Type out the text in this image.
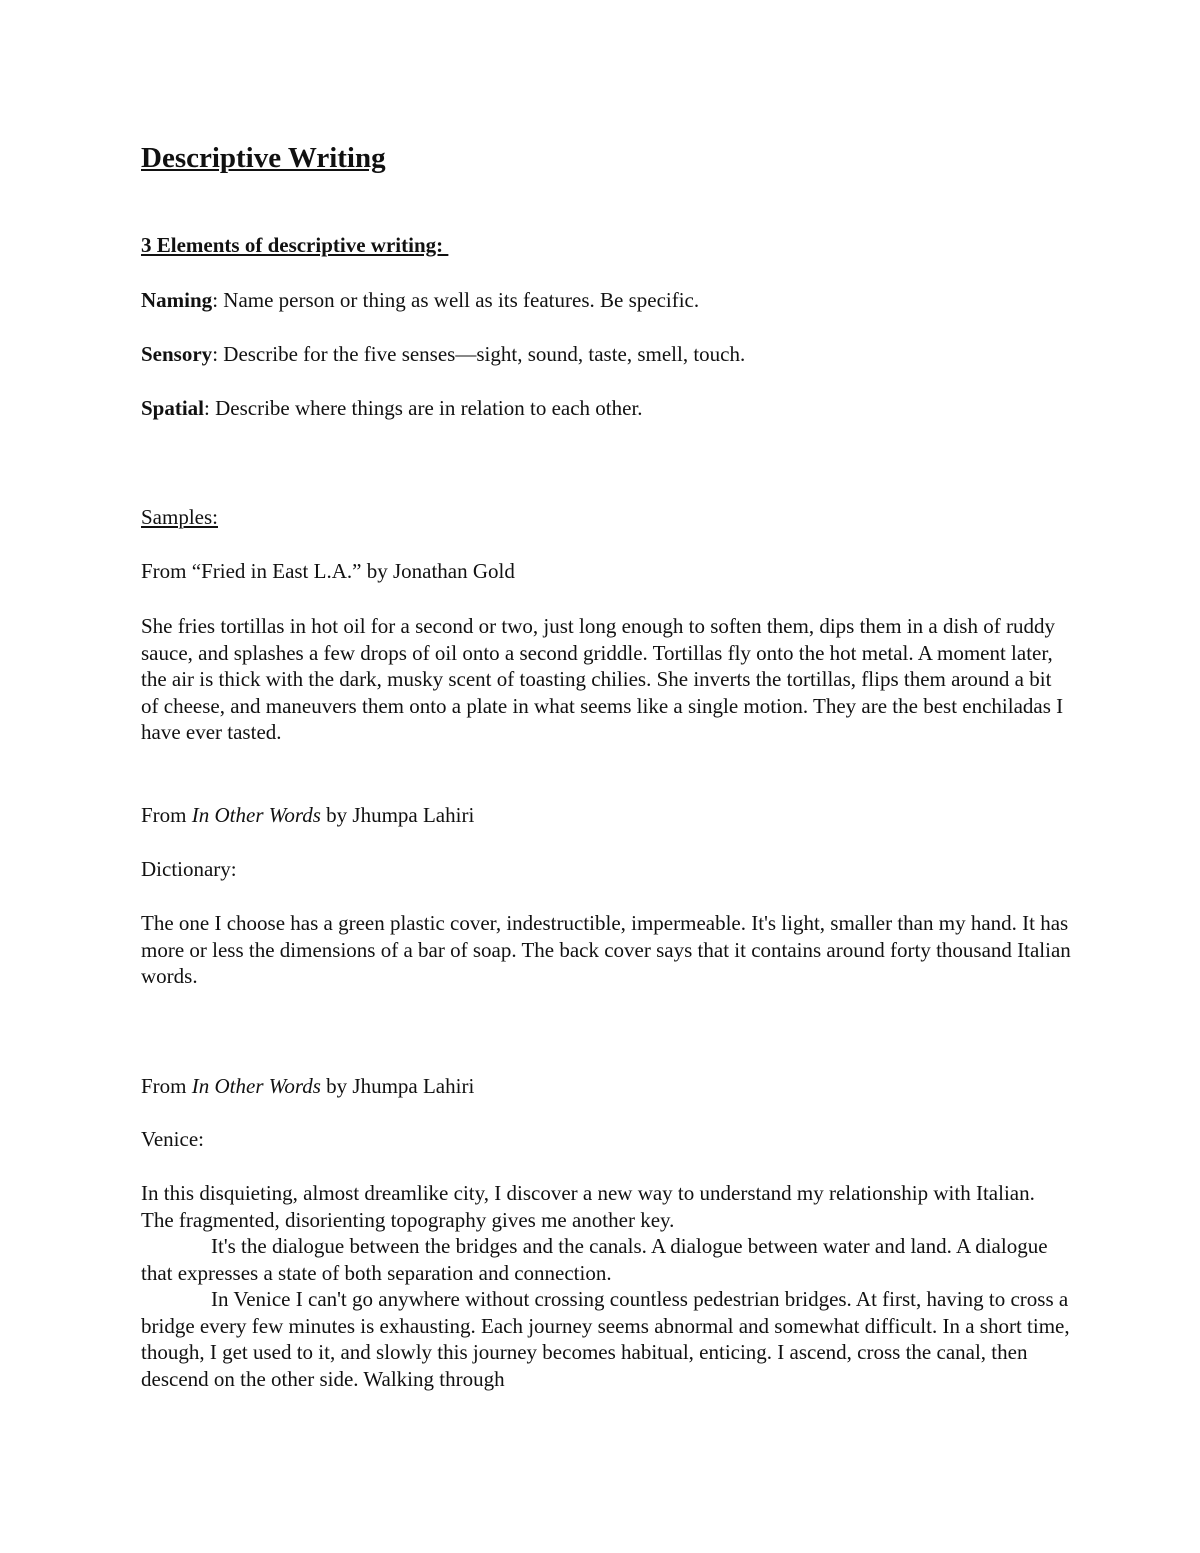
Descriptive Writing
3 Elements of descriptive writing:

Naming: Name person or thing as well as its features. Be specific.

Sensory: Describe for the five senses—sight, sound, taste, smell, touch.

Spatial: Describe where things are in relation to each other.

Samples:

From “Fried in East L.A.” by Jonathan Gold

She fries tortillas in hot oil for a second or two, just long enough to soften them, dips them in a dish of ruddy sauce, and splashes a few drops of oil onto a second griddle. Tortillas fly onto the hot metal. A moment later, the air is thick with the dark, musky scent of toasting chilies. She inverts the tortillas, flips them around a bit of cheese, and maneuvers them onto a plate in what seems like a single motion. They are the best enchiladas I have ever tasted.

From In Other Words by Jhumpa Lahiri

Dictionary:

The one I choose has a green plastic cover, indestructible, impermeable. It's light, smaller than my hand. It has more or less the dimensions of a bar of soap. The back cover says that it contains around forty thousand Italian words.

From In Other Words by Jhumpa Lahiri

Venice:

In this disquieting, almost dreamlike city, I discover a new way to understand my relationship with Italian. The fragmented, disorienting topography gives me another key.

It's the dialogue between the bridges and the canals. A dialogue between water and land. A dialogue that expresses a state of both separation and connection.

In Venice I can't go anywhere without crossing countless pedestrian bridges. At first, having to cross a bridge every few minutes is exhausting. Each journey seems abnormal and somewhat difficult. In a short time, though, I get used to it, and slowly this journey becomes habitual, enticing. I ascend, cross the canal, then descend on the other side. Walking through
